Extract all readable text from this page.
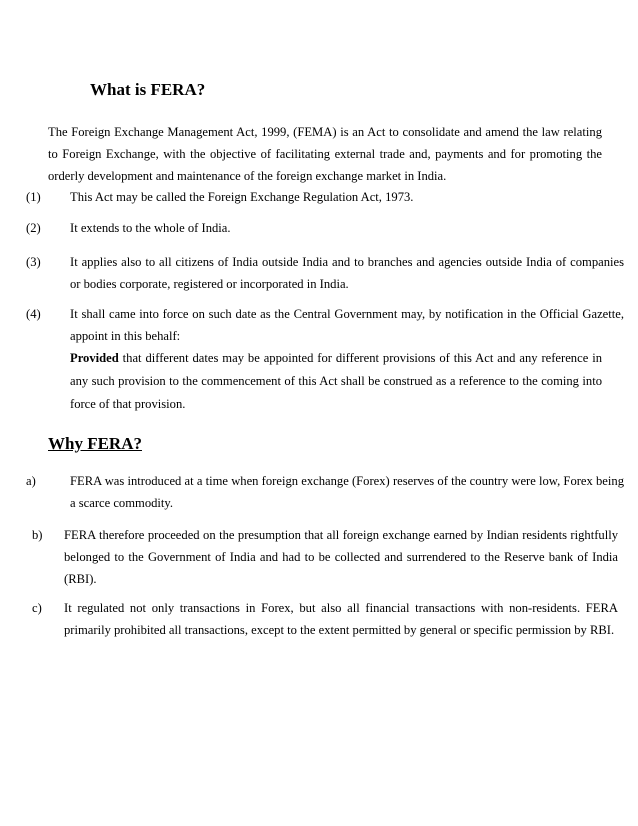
What is FERA?

The Foreign Exchange Management Act, 1999, (FEMA) is an Act to consolidate and amend the law relating to Foreign Exchange, with the objective of facilitating external trade and, payments and for promoting the orderly development and maintenance of the foreign exchange market in India.

(1) This Act may be called the Foreign Exchange Regulation Act, 1973.

(2) It extends to the whole of India.

(3) It applies also to all citizens of India outside India and to branches and agencies outside India of companies or bodies corporate, registered or incorporated in India.

(4) It shall came into force on such date as the Central Government may, by notification in the Official Gazette, appoint in this behalf:

Provided that different dates may be appointed for different provisions of this Act and any reference in any such provision to the commencement of this Act shall be construed as a reference to the coming into force of that provision.

Why FERA?

a)	FERA was introduced at a time when foreign exchange (Forex) reserves of the country were low, Forex being a scarce commodity.

b) FERA therefore proceeded on the presumption that all foreign exchange earned by Indian residents rightfully belonged to the Government of India and had to be collected and surrendered to the Reserve bank of India (RBI).

c) It regulated not only transactions in Forex, but also all financial transactions with non-residents. FERA primarily prohibited all transactions, except to the extent permitted by general or specific permission by RBI.
